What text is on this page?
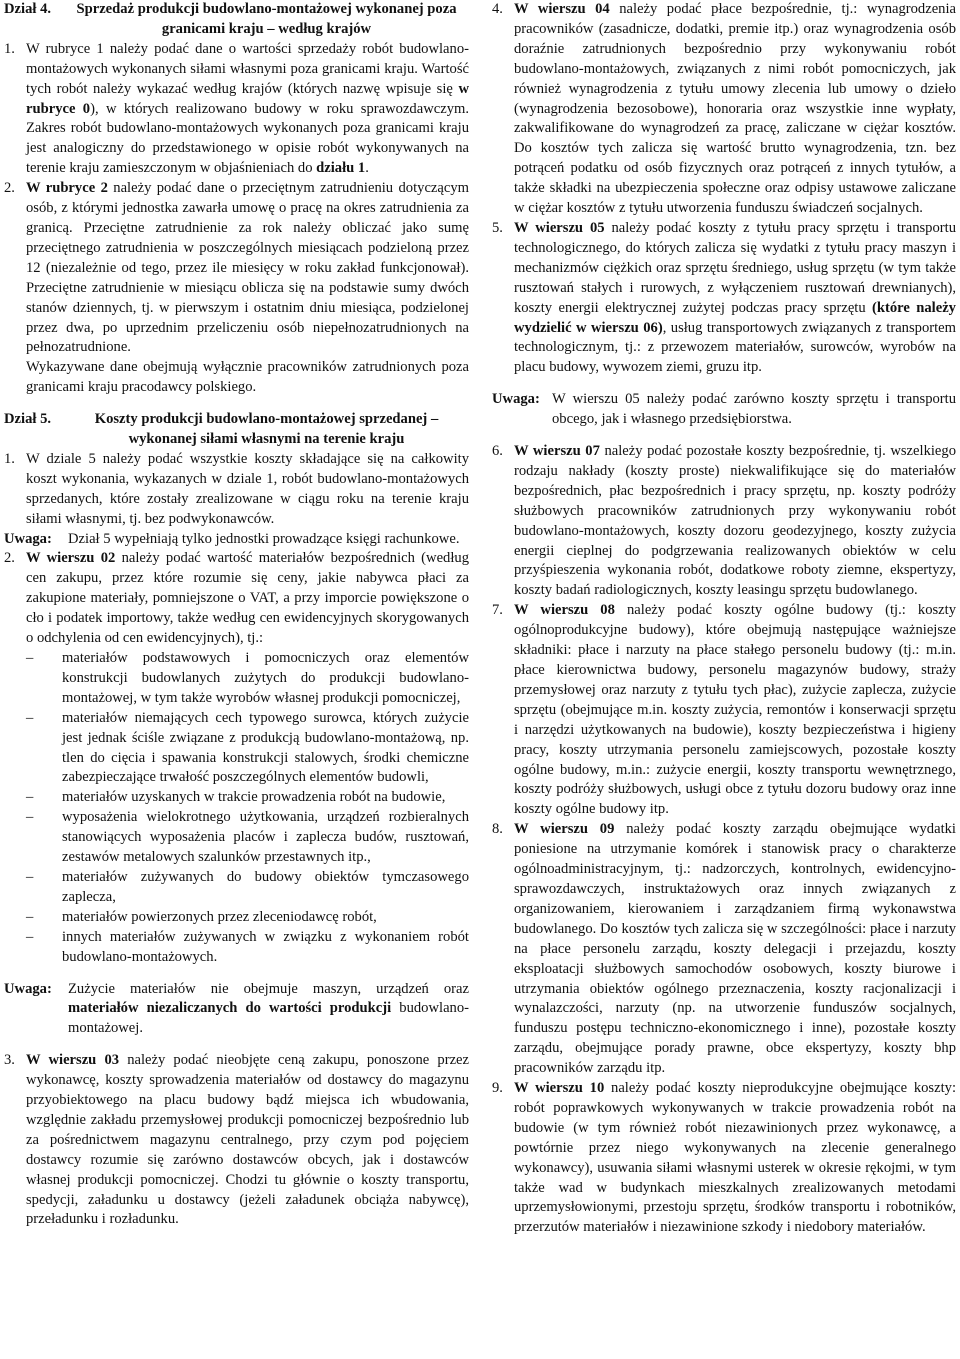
Dział 4.	Sprzedaż produkcji budowlano-montażowej wykonanej poza granicami kraju – według krajów
1. W rubryce 1 należy podać dane o wartości sprzedaży robót budowlano-montażowych wykonanych siłami własnymi poza granicami kraju. Wartość tych robót należy wykazać według krajów (których nazwę wpisuje się w rubryce 0), w których realizowano budowy w roku sprawozdawczym. Zakres robót budowlano-montażowych wykonanych poza granicami kraju jest analogiczny do przedstawionego w opisie robót wykonywanych na terenie kraju zamieszczonym w objaśnieniach do działu 1.

2. W rubryce 2 należy podać dane o przeciętnym zatrudnieniu dotyczącym osób, z którymi jednostka zawarła umowę o pracę na okres zatrudnienia za granicą. Przeciętne zatrudnienie za rok należy obliczać jako sumę przeciętnego zatrudnienia w poszczególnych miesiącach podzieloną przez 12 (niezależnie od tego, przez ile miesięcy w roku zakład funkcjonował). Przeciętne zatrudnienie w miesiącu oblicza się na podstawie sumy dwóch stanów dziennych, tj. w pierwszym i ostatnim dniu miesiąca, podzielonej przez dwa, po uprzednim przeliczeniu osób niepełnozatrudnionych na pełnozatrudnione.

Wykazywane dane obejmują wyłącznie pracowników zatrudnionych poza granicami kraju pracodawcy polskiego.

Dział 5.	Koszty produkcji budowlano-montażowej sprzedanej – wykonanej siłami własnymi na terenie kraju
1. W dziale 5 należy podać wszystkie koszty składające się na całkowity koszt wykonania, wykazanych w dziale 1, robót budowlano-montażowych sprzedanych, które zostały zrealizowane w ciągu roku na terenie kraju siłami własnymi, tj. bez podwykonawców.

Uwaga:	Dział 5 wypełniają tylko jednostki prowadzące księgi rachunkowe.

2. W wierszu 02 należy podać wartość materiałów bezpośrednich (według cen zakupu, przez które rozumie się ceny, jakie nabywca płaci za zakupione materiały, pomniejszone o VAT, a przy imporcie powiększone o cło i podatek importowy, także według cen ewidencyjnych skorygowanych o odchylenia od cen ewidencyjnych), tj.:

–	materiałów podstawowych i pomocniczych oraz elementów konstrukcji budowlanych zużytych do produkcji budowlano-montażowej, w tym także wyrobów własnej produkcji pomocniczej,
–	materiałów niemających cech typowego surowca, których zużycie jest jednak ściśle związane z produkcją budowlano-montażową, np. tlen do cięcia i spawania konstrukcji stalowych, środki chemiczne zabezpieczające trwałość poszczególnych elementów budowli,
–	materiałów uzyskanych w trakcie prowadzenia robót na budowie,
–	wyposażenia wielokrotnego użytkowania, urządzeń rozbieralnych stanowiących wyposażenia placów i zaplecza budów, rusztowań, zestawów metalowych szalunków przestawnych itp.,
–	materiałów zużywanych do budowy obiektów tymczasowego zaplecza,
–	materiałów powierzonych przez zleceniodawcę robót,
–	innych materiałów zużywanych w związku z wykonaniem robót budowlano-montażowych.
Uwaga:	Zużycie materiałów nie obejmuje maszyn, urządzeń oraz materiałów niezaliczanych do wartości produkcji budowlano-montażowej.

3. W wierszu 03 należy podać nieobjęte ceną zakupu, ponoszone przez wykonawcę, koszty sprowadzenia materiałów od dostawcy do magazynu przyobiektowego na placu budowy bądź miejsca ich wbudowania, względnie zakładu przemysłowej produkcji pomocniczej bezpośrednio lub za pośrednictwem magazynu centralnego, przy czym pod pojęciem dostawcy rozumie się zarówno dostawców obcych, jak i dostawców własnej produkcji pomocniczej. Chodzi tu głównie o koszty transportu, spedycji, załadunku u dostawcy (jeżeli załadunek obciąża nabywcę), przeładunku i rozładunku.

4. W wierszu 04 należy podać płace bezpośrednie, tj.: wynagrodzenia pracowników (zasadnicze, dodatki, premie itp.) oraz wynagrodzenia osób doraźnie zatrudnionych bezpośrednio przy wykonywaniu robót budowlano-montażowych, związanych z nimi robót pomocniczych, jak również wynagrodzenia z tytułu umowy zlecenia lub umowy o dzieło (wynagrodzenia bezosobowe), honoraria oraz wszystkie inne wypłaty, zakwalifikowane do wynagrodzeń za pracę, zaliczane w ciężar kosztów. Do kosztów tych zalicza się wartość brutto wynagrodzenia, tzn. bez potrąceń podatku od osób fizycznych oraz potrąceń z innych tytułów, a także składki na ubezpieczenia społeczne oraz odpisy ustawowe zaliczane w ciężar kosztów z tytułu utworzenia funduszu świadczeń socjalnych.

5. W wierszu 05 należy podać koszty z tytułu pracy sprzętu i transportu technologicznego, do których zalicza się wydatki z tytułu pracy maszyn i mechanizmów ciężkich oraz sprzętu średniego, usług sprzętu (w tym także rusztowań stałych i rurowych, z wyłączeniem rusztowań drewnianych), koszty energii elektrycznej zużytej podczas pracy sprzętu (które należy wydzielić w wierszu 06), usług transportowych związanych z transportem technologicznym, tj.: z przewozem materiałów, surowców, wyrobów na placu budowy, wywozem ziemi, gruzu itp.

Uwaga: W wierszu 05 należy podać zarówno koszty sprzętu i transportu obcego, jak i własnego przedsiębiorstwa.

6. W wierszu 07 należy podać pozostałe koszty bezpośrednie, tj. wszelkiego rodzaju nakłady (koszty proste) niekwalifikujące się do materiałów bezpośrednich, płac bezpośrednich i pracy sprzętu, np. koszty podróży służbowych pracowników zatrudnionych przy wykonywaniu robót budowlano-montażowych, koszty dozoru geodezyjnego, koszty zużycia energii cieplnej do podgrzewania realizowanych obiektów w celu przyśpieszenia wykonania robót, dodatkowe roboty ziemne, ekspertyzy, koszty badań radiologicznych, koszty leasingu sprzętu budowlanego.

7. W wierszu 08 należy podać koszty ogólne budowy (tj.: koszty ogólnoprodukcyjne budowy), które obejmują następujące ważniejsze składniki: płace i narzuty na płace stałego personelu budowy (tj.: m.in. płace kierownictwa budowy, personelu magazynów budowy, straży przemysłowej oraz narzuty z tytułu tych płac), zużycie zaplecza, zużycie sprzętu (obejmujące m.in. koszty zużycia, remontów i konserwacji sprzętu i narzędzi użytkowanych na budowie), koszty bezpieczeństwa i higieny pracy, koszty utrzymania personelu zamiejscowych, pozostałe koszty ogólne budowy, m.in.: zużycie energii, koszty transportu wewnętrznego, koszty podróży służbowych, usługi obce z tytułu dozoru budowy oraz inne koszty ogólne budowy itp.

8. W wierszu 09 należy podać koszty zarządu obejmujące wydatki poniesione na utrzymanie komórek i stanowisk pracy o charakterze ogólnoadministracyjnym, tj.: nadzorczych, kontrolnych, ewidencyjno-sprawozdawczych, instruktażowych oraz innych związanych z organizowaniem, kierowaniem i zarządzaniem firmą wykonawstwa budowlanego. Do kosztów tych zalicza się w szczególności: płace i narzuty na płace personelu zarządu, koszty delegacji i przejazdu, koszty eksploatacji służbowych samochodów osobowych, koszty biurowe i utrzymania obiektów ogólnego przeznaczenia, koszty racjonalizacji i wynalazczości, narzuty (np. na utworzenie funduszów socjalnych, funduszu postępu techniczno-ekonomicznego i inne), pozostałe koszty zarządu, obejmujące porady prawne, obce ekspertyzy, koszty bhp pracowników zarządu itp.

9. W wierszu 10 należy podać koszty nieprodukcyjne obejmujące koszty: robót poprawkowych wykonywanych w trakcie prowadzenia robót na budowie (w tym również robót niezawinionych przez wykonawcę, a powtórnie przez niego wykonywanych na zlecenie generalnego wykonawcy), usuwania siłami własnymi usterek w okresie rękojmi, w tym także wad w budynkach mieszkalnych zrealizowanych metodami uprzemysłowionymi, przestoju sprzętu, środków transportu i robotników, przerzutów materiałów i niezawinione szkody i niedobory materiałów.
